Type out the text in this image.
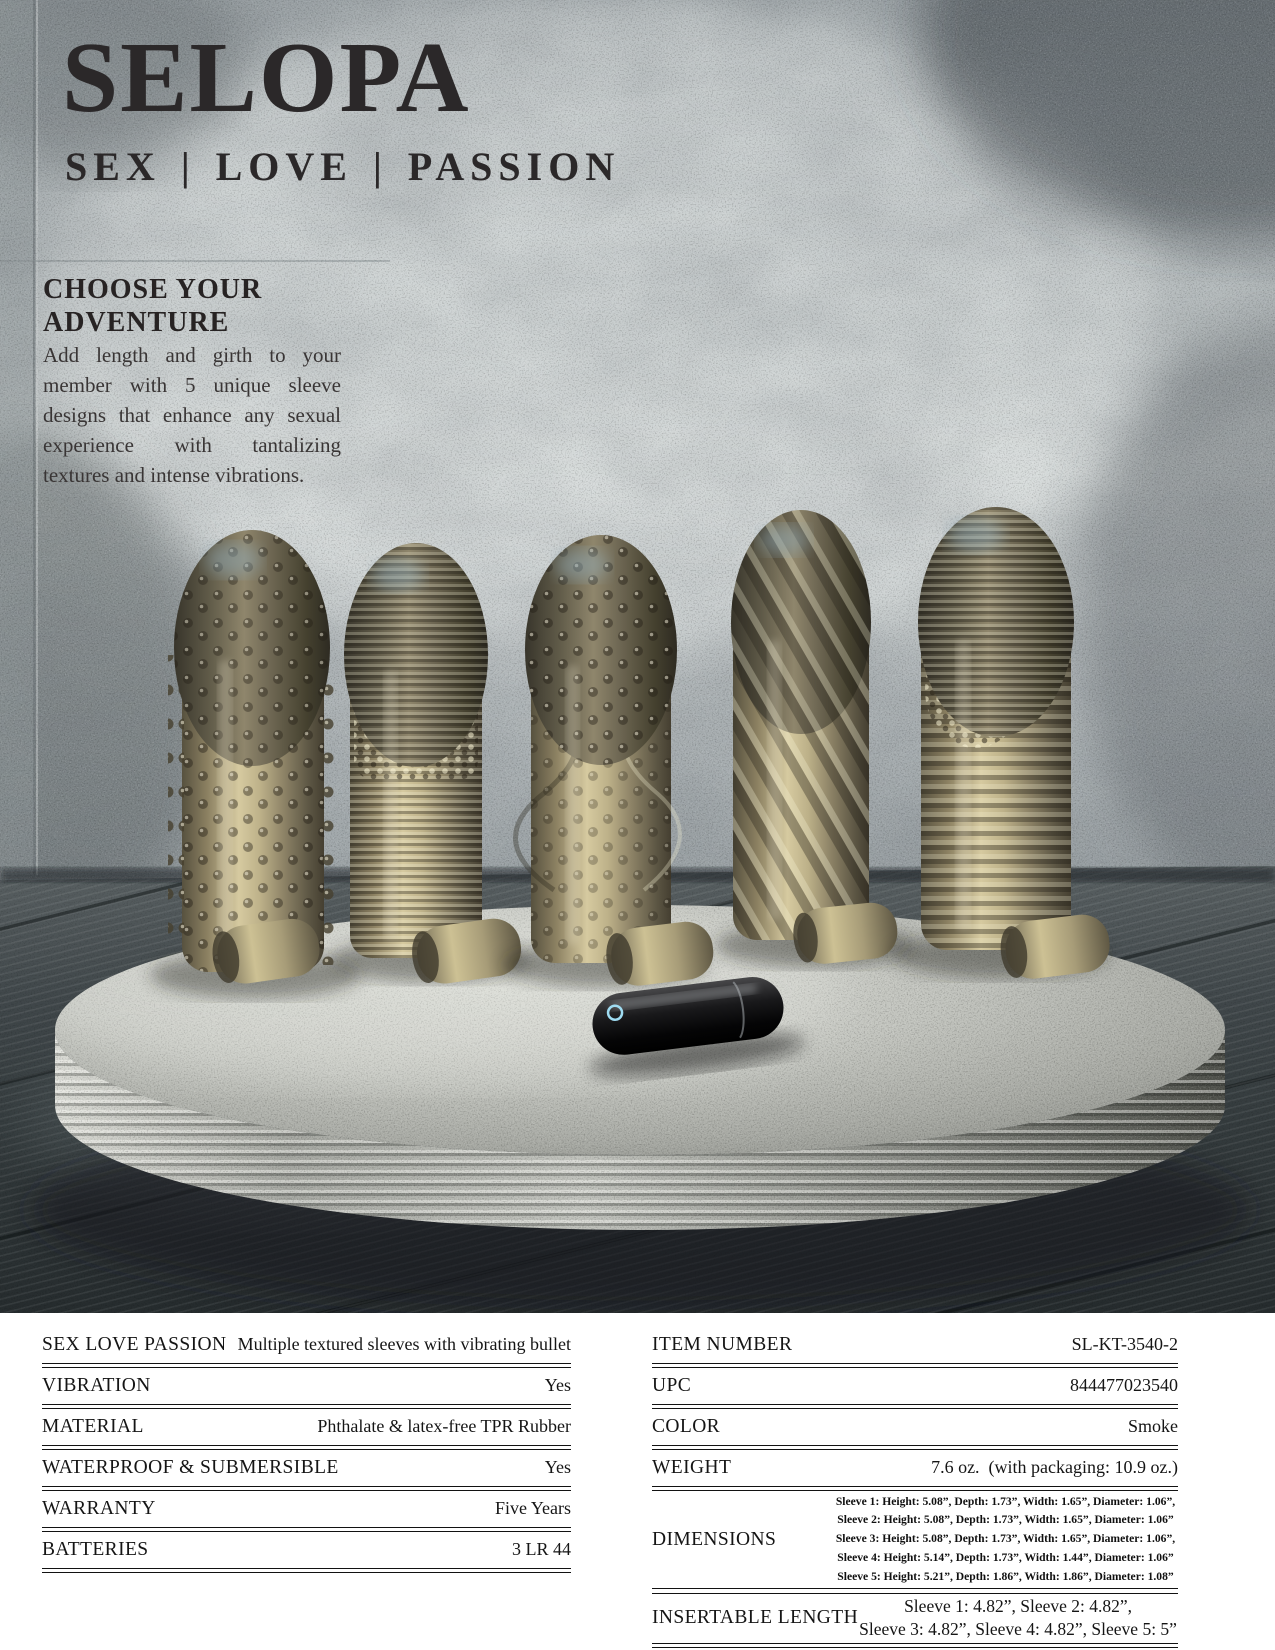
SELOPA
SEX | LOVE | PASSION
CHOOSE YOUR
ADVENTURE

Add length and girth to your member with 5 unique sleeve designs that enhance any sexual experience with tantalizing textures and intense vibrations.

SEX LOVE PASSION Multiple textured sleeves with vibrating bullet
VIBRATION	Yes
MATERIAL	Phthalate & latex-free TPR Rubber
WATERPROOF & SUBMERSIBLE	Yes
WARRANTY	Five Years
BATTERIES	3 LR 44
ITEM NUMBER	SL-KT-3540-2
UPC	844477023540
COLOR	Smoke
WEIGHT	7.6 oz.  (with packaging: 10.9 oz.)
DIMENSIONS
Sleeve 1: Height: 5.08”, Depth: 1.73”, Width: 1.65”, Diameter: 1.06”,
Sleeve 2: Height: 5.08”, Depth: 1.73”, Width: 1.65”, Diameter: 1.06”
Sleeve 3: Height: 5.08”, Depth: 1.73”, Width: 1.65”, Diameter: 1.06”,
Sleeve 4: Height: 5.14”, Depth: 1.73”, Width: 1.44”, Diameter: 1.06”
Sleeve 5: Height: 5.21”, Depth: 1.86”, Width: 1.86”, Diameter: 1.08”
INSERTABLE LENGTH
Sleeve 1: 4.82”, Sleeve 2: 4.82”,
Sleeve 3: 4.82”, Sleeve 4: 4.82”, Sleeve 5: 5”
